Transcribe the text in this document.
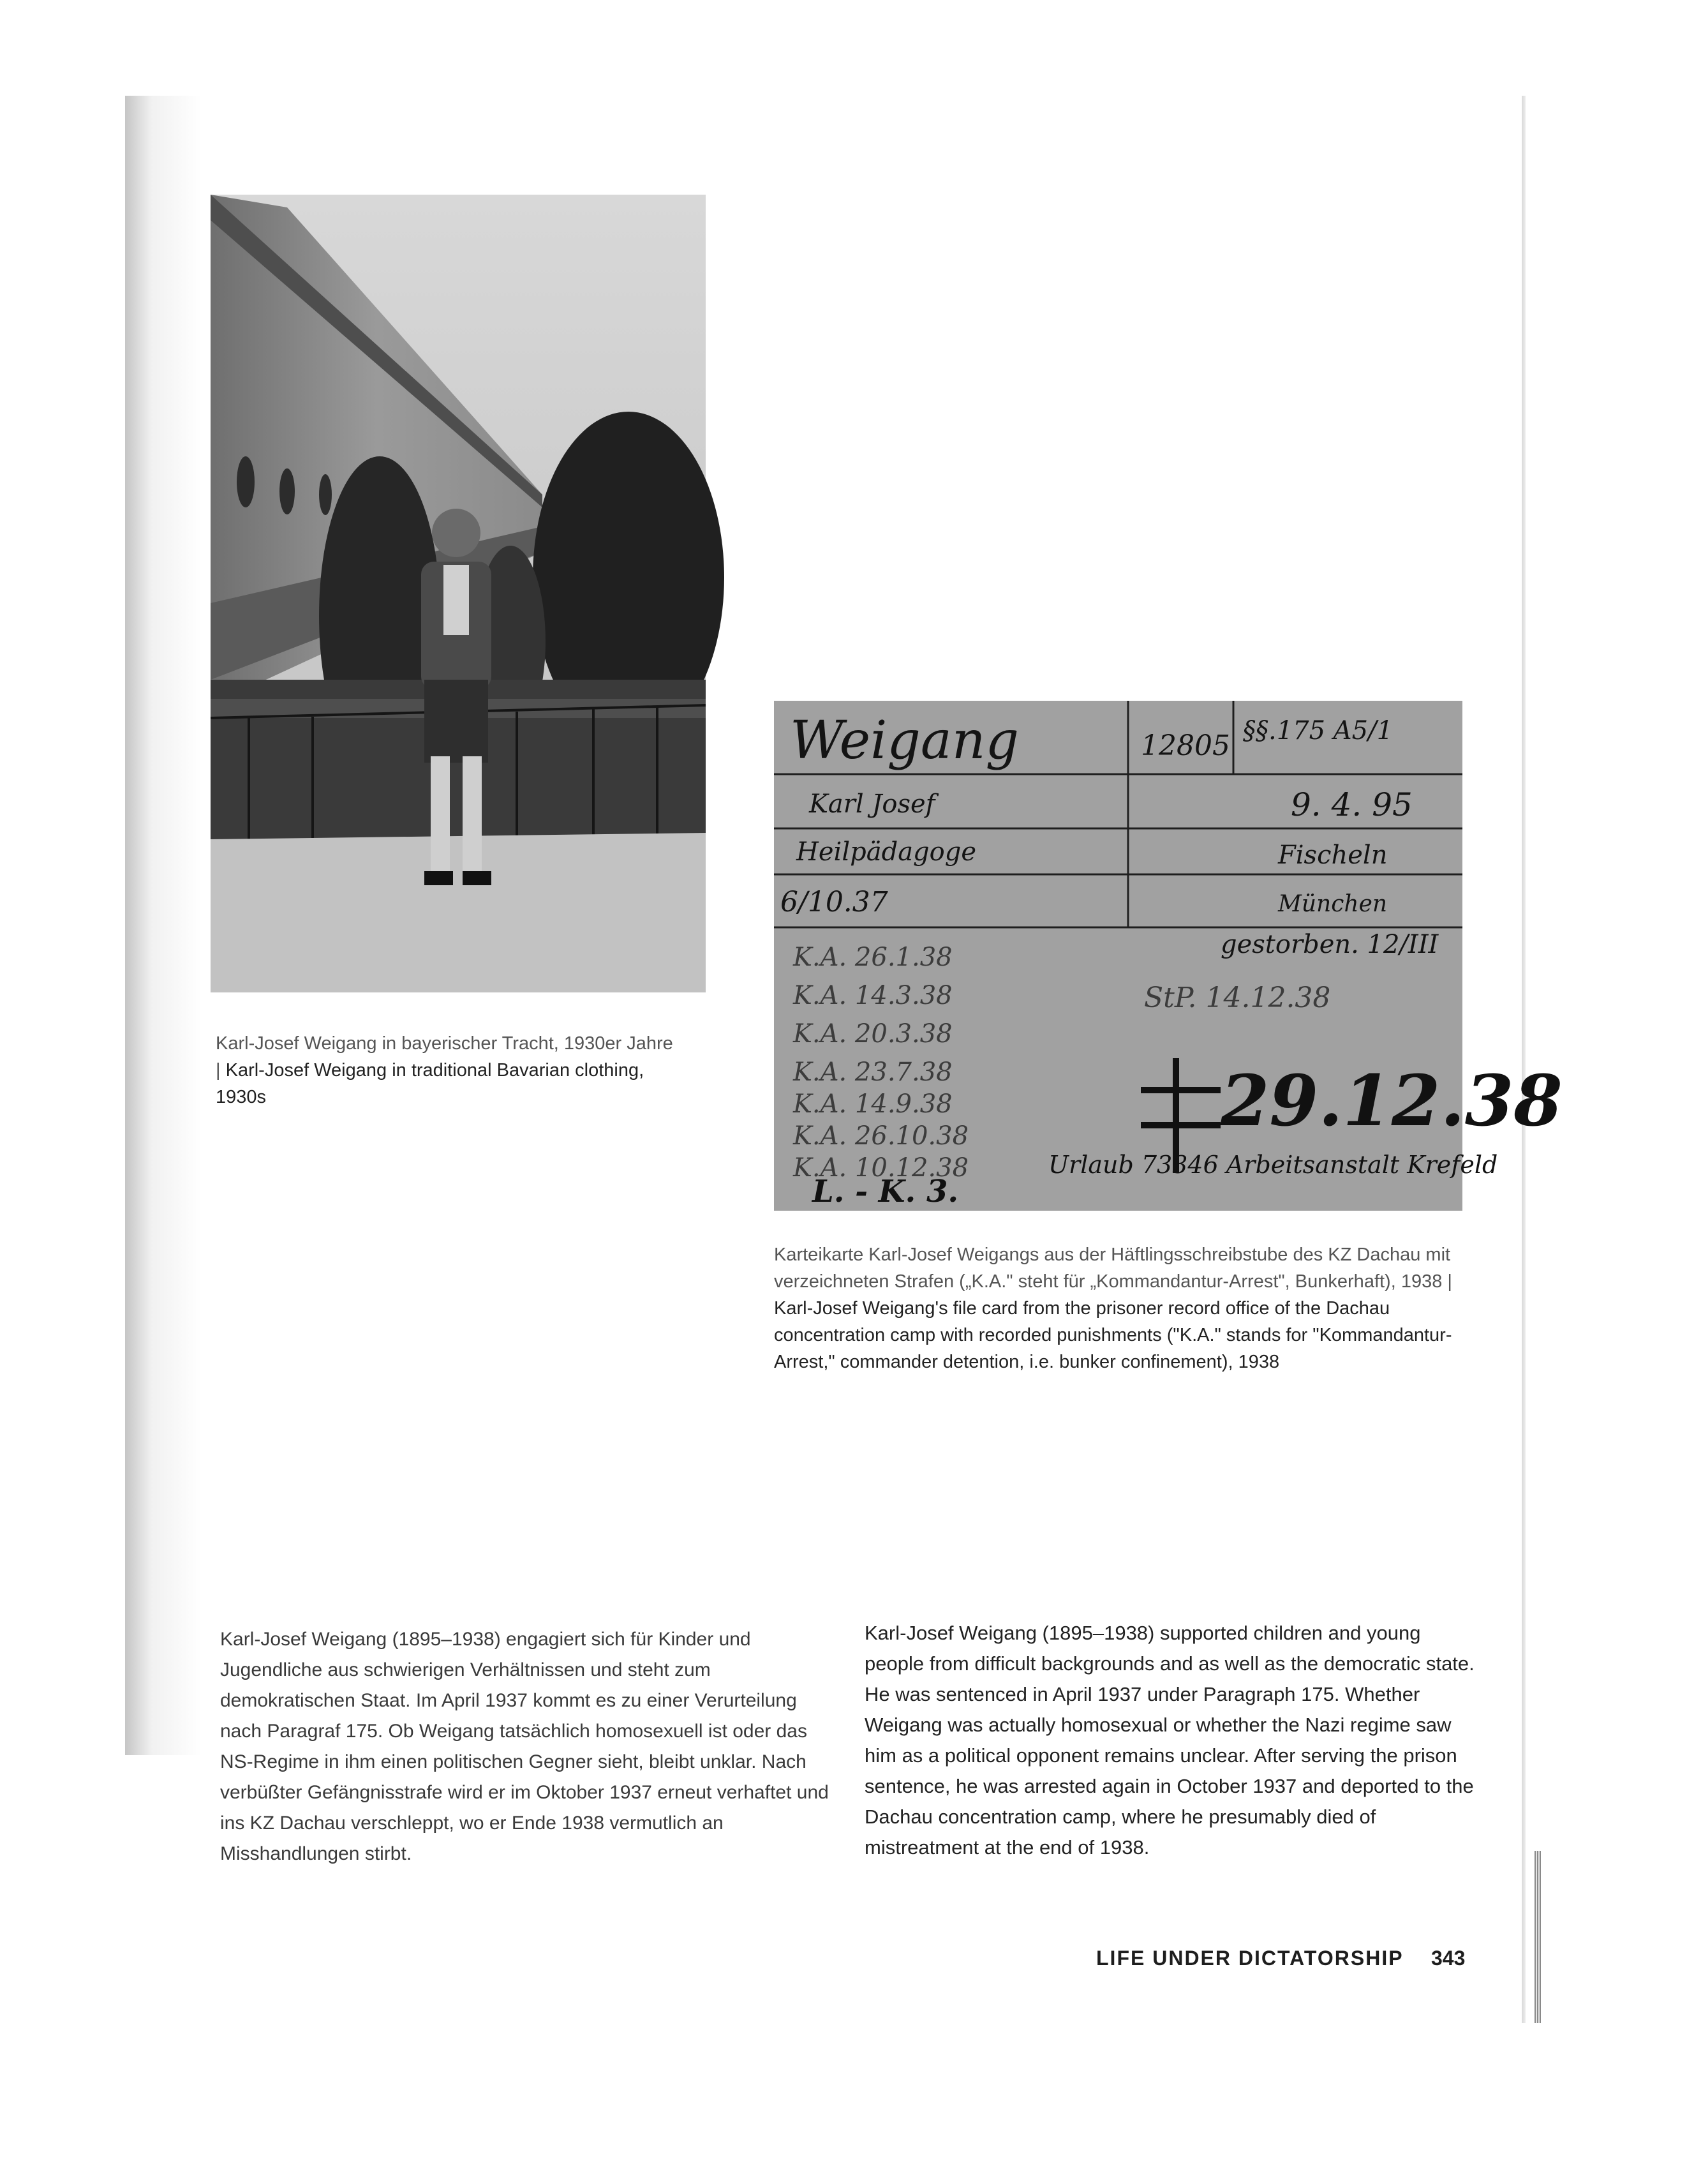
Karl-Josef Weigang in bayerischer Tracht, 1930er Jahre | Karl-Josef Weigang in traditional Bavarian clothing, 1930s
Weigang	12805 §§.175 A5/1
Karl Josef	9. 4. 95
Heilpädagoge	Fischeln
6/10.37	München
gestorben. 12/III
K.A. 26.1.38
K.A. 14.3.38
K.A. 20.3.38
K.A. 23.7.38
K.A. 14.9.38
K.A. 26.10.38
K.A. 10.12.38
StP. 14.12.38
29.12.38
Urlaub 73346 Arbeitsanstalt Krefeld
L. - K. 3.
Karteikarte Karl-Josef Weigangs aus der Häftlingsschreibstube des KZ Dachau mit verzeichneten Strafen („K.A." steht für „Kommandantur-Arrest", Bunkerhaft), 1938 | Karl-Josef Weigang's file card from the prisoner record office of the Dachau concentration camp with recorded punishments ("K.A." stands for "Kommandantur-Arrest," commander detention, i.e. bunker confinement), 1938
Karl-Josef Weigang (1895–1938) engagiert sich für Kinder und Jugendliche aus schwierigen Verhältnissen und steht zum demokratischen Staat. Im April 1937 kommt es zu einer Verurteilung nach Paragraf 175. Ob Weigang tatsächlich homosexuell ist oder das NS-Regime in ihm einen politischen Gegner sieht, bleibt unklar. Nach verbüßter Gefängnisstrafe wird er im Oktober 1937 erneut verhaftet und ins KZ Dachau verschleppt, wo er Ende 1938 vermutlich an Misshandlungen stirbt.
Karl-Josef Weigang (1895–1938) supported children and young people from difficult backgrounds and as well as the democratic state. He was sentenced in April 1937 under Paragraph 175. Whether Weigang was actually homosexual or whether the Nazi regime saw him as a political opponent remains unclear. After serving the prison sentence, he was arrested again in October 1937 and deported to the Dachau concentration camp, where he presumably died of mistreatment at the end of 1938.
LIFE UNDER DICTATORSHIP 343
